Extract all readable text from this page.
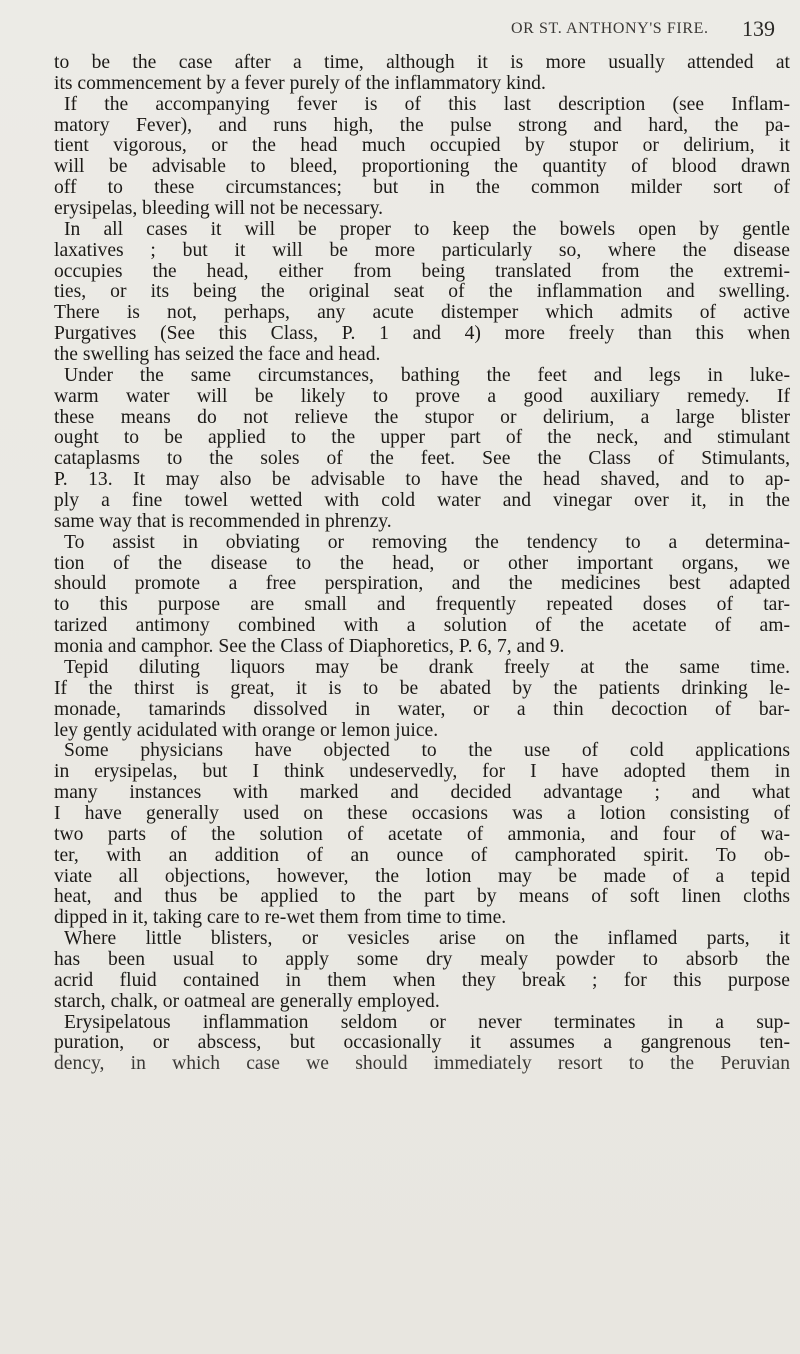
OR ST. ANTHONY'S FIRE. 139
to be the case after a time, although it is more usually attended at
its commencement by a fever purely of the inflammatory kind.
If the accompanying fever is of this last description (see Inflam-
matory Fever), and runs high, the pulse strong and hard, the pa-
tient vigorous, or the head much occupied by stupor or delirium, it
will be advisable to bleed, proportioning the quantity of blood drawn
off to these circumstances; but in the common milder sort of
erysipelas, bleeding will not be necessary.
In all cases it will be proper to keep the bowels open by gentle
laxatives ; but it will be more particularly so, where the disease
occupies the head, either from being translated from the extremi-
ties, or its being the original seat of the inflammation and swelling.
There is not, perhaps, any acute distemper which admits of active
Purgatives (See this Class, P. 1 and 4) more freely than this when
the swelling has seized the face and head.
Under the same circumstances, bathing the feet and legs in luke-
warm water will be likely to prove a good auxiliary remedy. If
these means do not relieve the stupor or delirium, a large blister
ought to be applied to the upper part of the neck, and stimulant
cataplasms to the soles of the feet. See the Class of Stimulants,
P. 13. It may also be advisable to have the head shaved, and to ap-
ply a fine towel wetted with cold water and vinegar over it, in the
same way that is recommended in phrenzy.
To assist in obviating or removing the tendency to a determina-
tion of the disease to the head, or other important organs, we
should promote a free perspiration, and the medicines best adapted
to this purpose are small and frequently repeated doses of tar-
tarized antimony combined with a solution of the acetate of am-
monia and camphor. See the Class of Diaphoretics, P. 6, 7, and 9.
Tepid diluting liquors may be drank freely at the same time.
If the thirst is great, it is to be abated by the patients drinking le-
monade, tamarinds dissolved in water, or a thin decoction of bar-
ley gently acidulated with orange or lemon juice.
Some physicians have objected to the use of cold applications
in erysipelas, but I think undeservedly, for I have adopted them in
many instances with marked and decided advantage ; and what
I have generally used on these occasions was a lotion consisting of
two parts of the solution of acetate of ammonia, and four of wa-
ter, with an addition of an ounce of camphorated spirit. To ob-
viate all objections, however, the lotion may be made of a tepid
heat, and thus be applied to the part by means of soft linen cloths
dipped in it, taking care to re-wet them from time to time.
Where little blisters, or vesicles arise on the inflamed parts, it
has been usual to apply some dry mealy powder to absorb the
acrid fluid contained in them when they break ; for this purpose
starch, chalk, or oatmeal are generally employed.
Erysipelatous inflammation seldom or never terminates in a sup-
puration, or abscess, but occasionally it assumes a gangrenous ten-
dency, in which case we should immediately resort to the Peruvian
